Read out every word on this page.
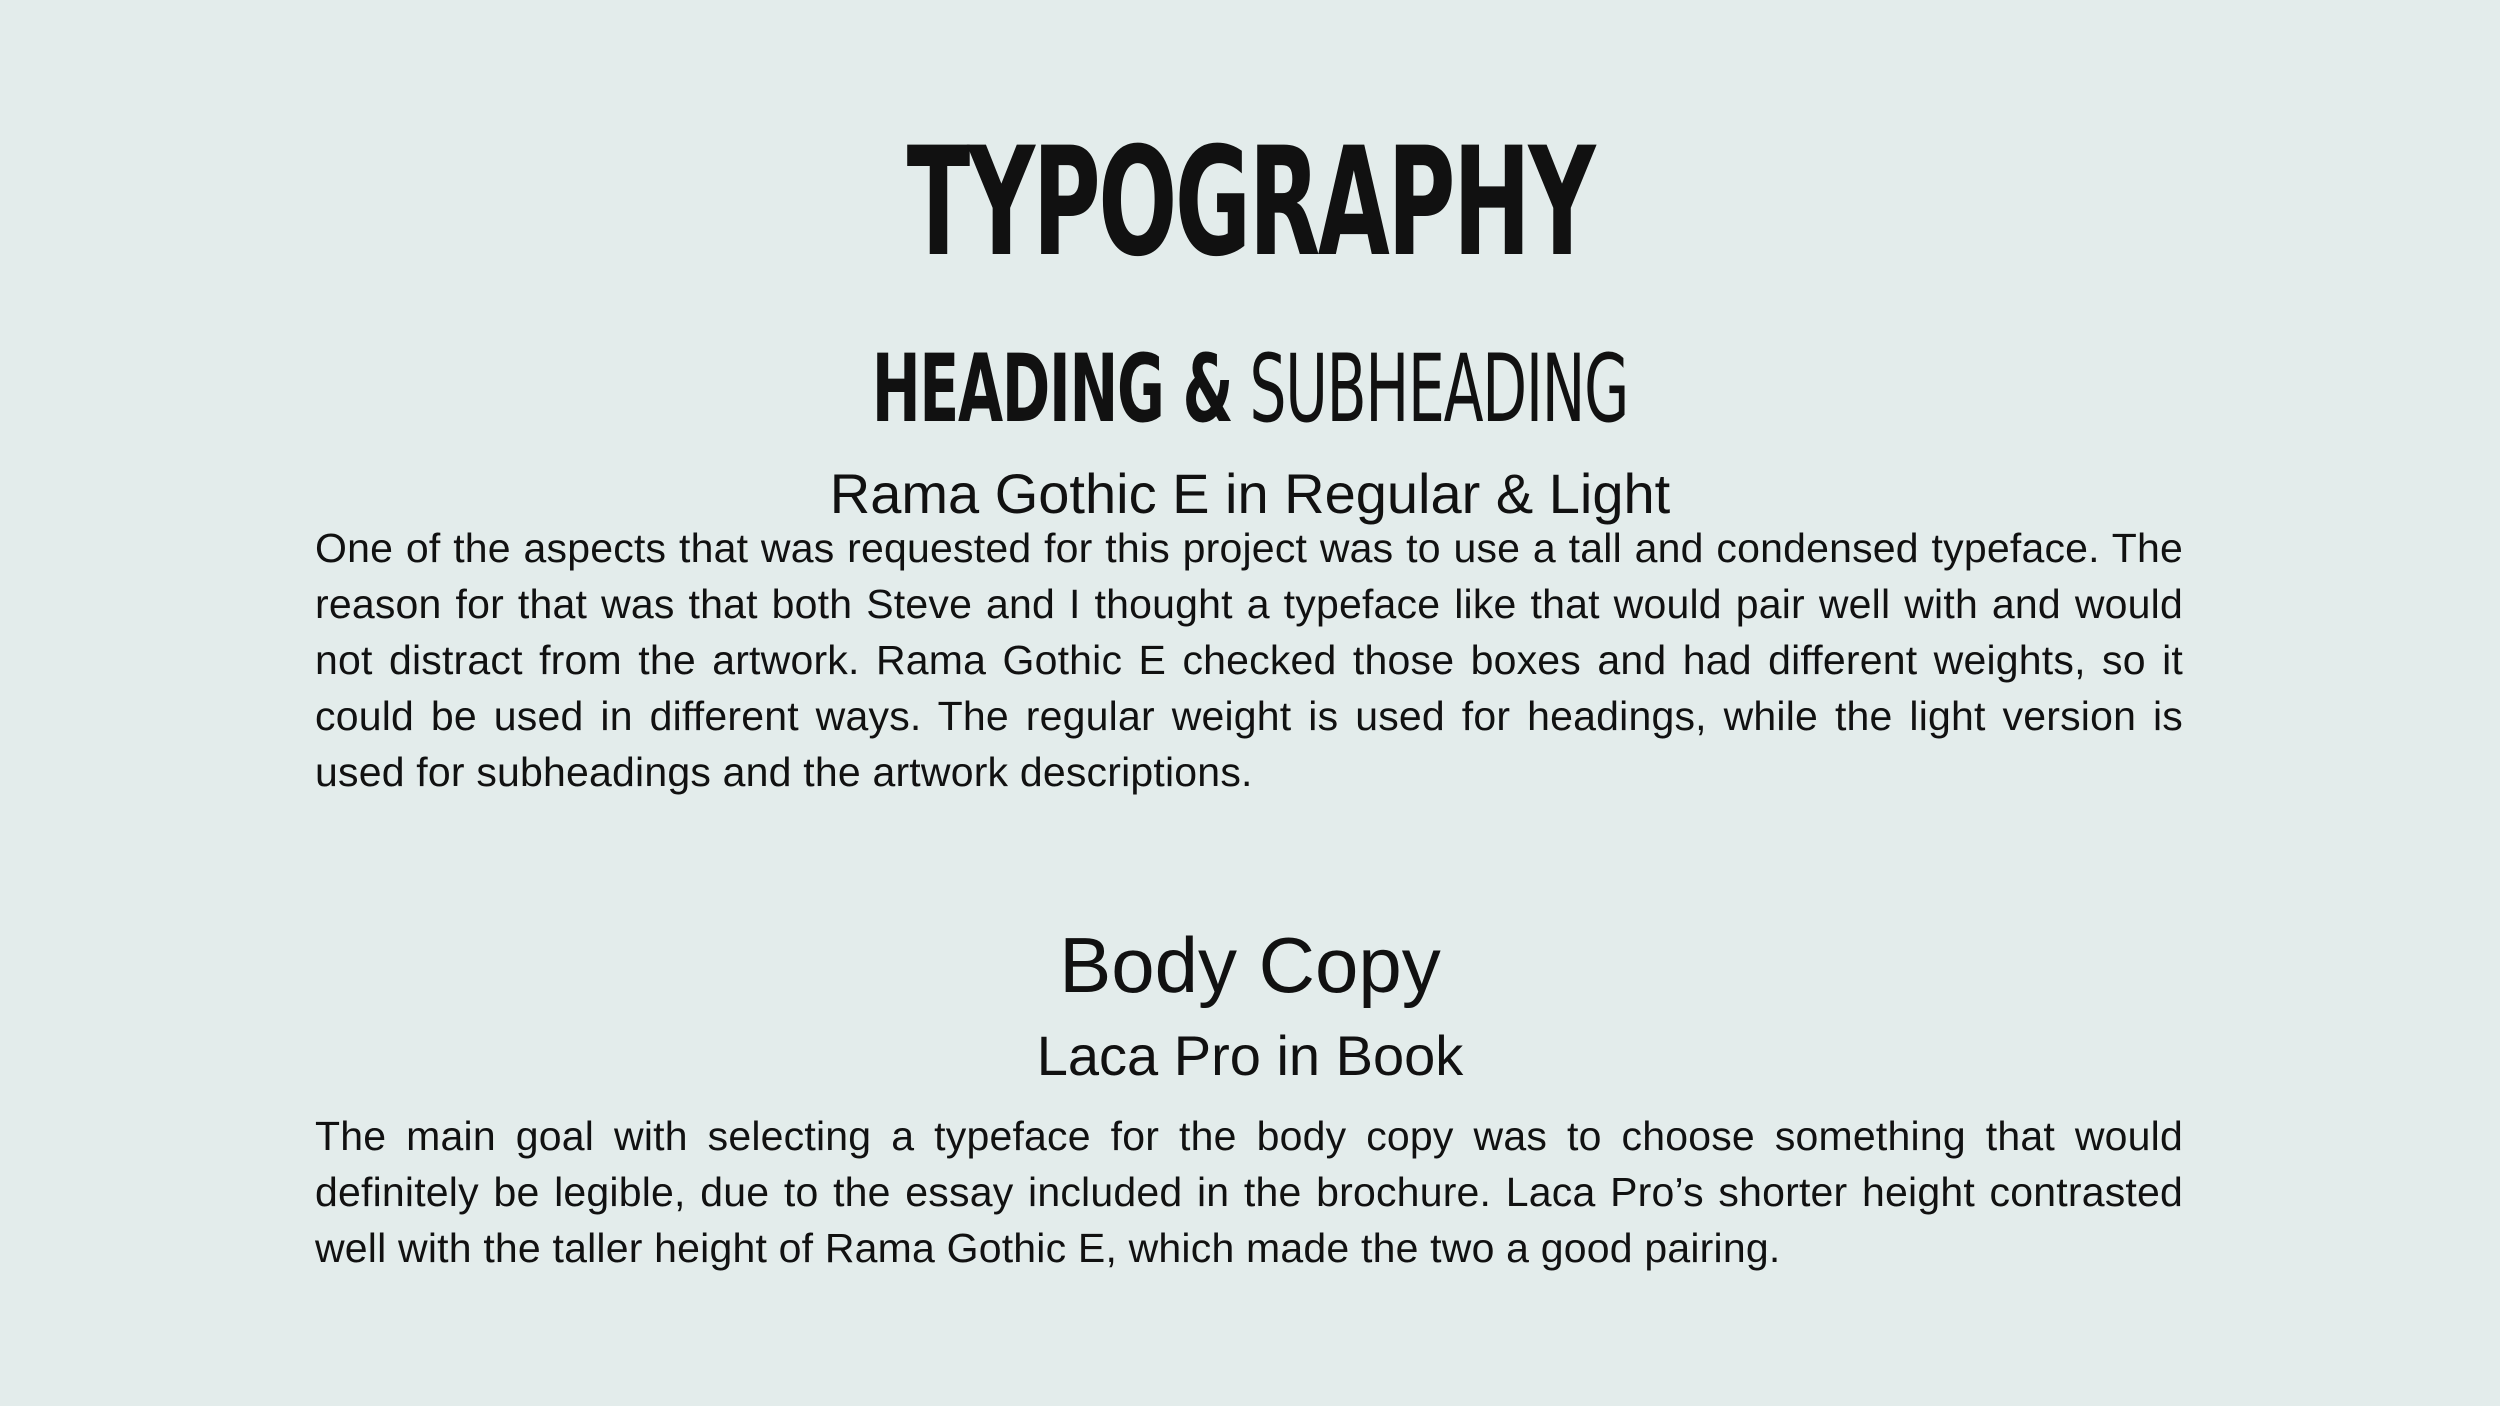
TYPOGRAPHY
HEADING & SUBHEADING
Rama Gothic E in Regular & Light

One of the aspects that was requested for this project was to use a tall and condensed typeface. The reason for that was that both Steve and I thought a typeface like that would pair well with and would not distract from the artwork. Rama Gothic E checked those boxes and had different weights, so it could be used in different ways. The regular weight is used for headings, while the light version is used for subheadings and the artwork descriptions.

Body Copy
Laca Pro in Book

The main goal with selecting a typeface for the body copy was to choose something that would definitely be legible, due to the essay included in the brochure. Laca Pro’s shorter height contrasted well with the taller height of Rama Gothic E, which made the two a good pairing.
